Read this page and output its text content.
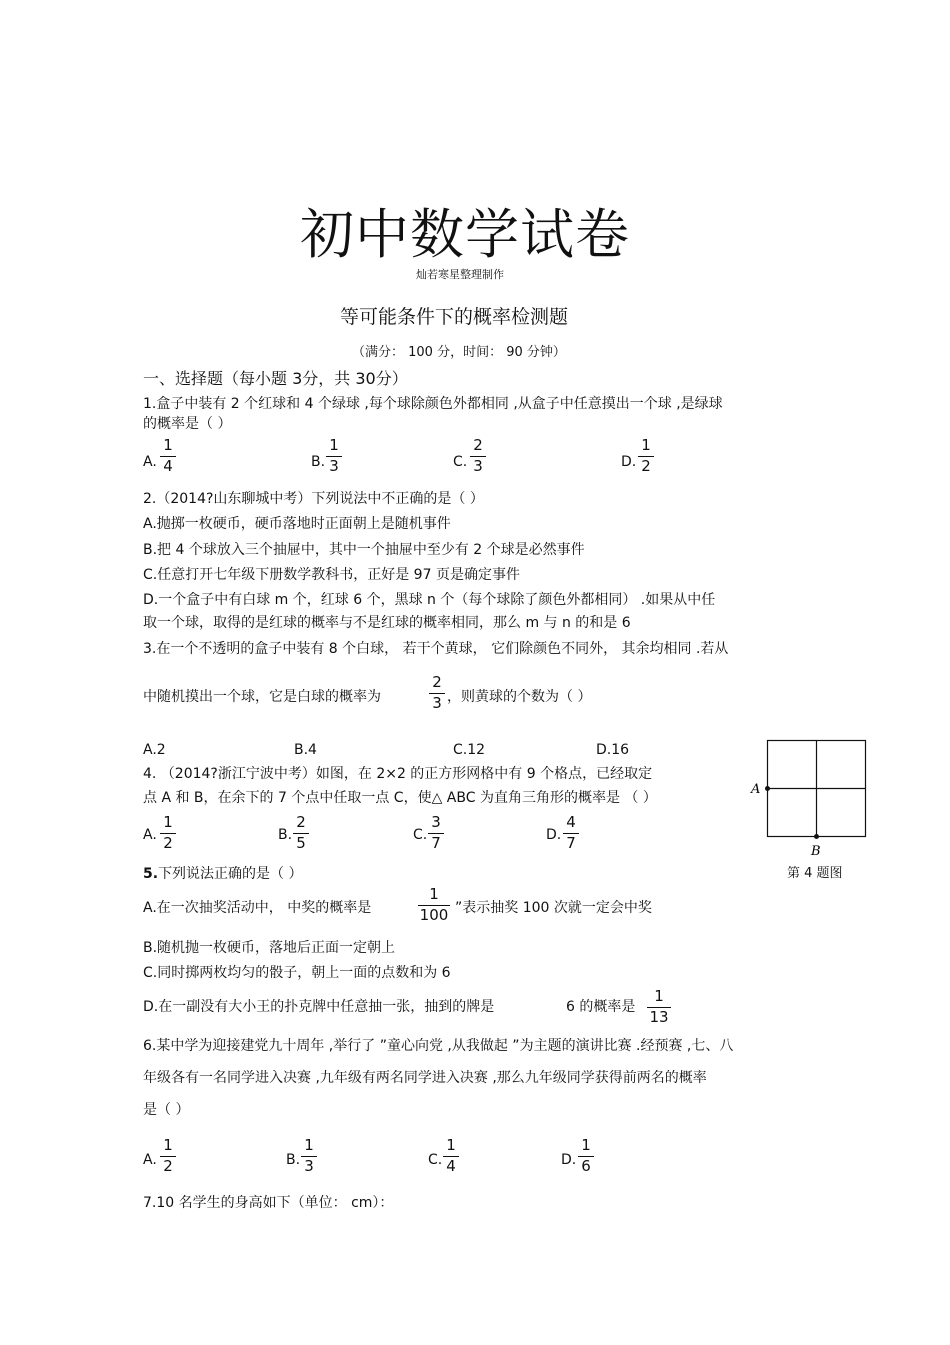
初中数学试卷
灿若寒星整理制作
等可能条件下的概率检测题
（满分： 100 分，时间： 90 分钟）
一、选择题（每小题 3分，共 30分）
1.盒子中装有 2 个红球和 4 个绿球 ,每个球除颜色外都相同 ,从盒子中任意摸出一个球 ,是绿球
的概率是（ ）
A.
1
4	B.
1
3	C.
2
3	D.
1
2
2.（2014?山东聊城中考）下列说法中不正确的是（ ）
A.抛掷一枚硬币，硬币落地时正面朝上是随机事件
B.把 4 个球放入三个抽屉中，其中一个抽屉中至少有 2 个球是必然事件
C.任意打开七年级下册数学教科书，正好是 97 页是确定事件
D.一个盒子中有白球 m 个，红球 6 个，黑球 n 个（每个球除了颜色外都相同） .如果从中任
取一个球，取得的是红球的概率与不是红球的概率相同，那么 m 与 n 的和是 6
3.在一个不透明的盒子中装有 8 个白球， 若干个黄球， 它们除颜色不同外， 其余均相同 .若从
中随机摸出一个球，它是白球的概率为
2
3 ，则黄球的个数为（ ）
A.2	B.4	C.12	D.16
4. （2014?浙江宁波中考）如图，在 2×2 的正方形网格中有 9 个格点，已经取定
点 A 和 B，在余下的 7 个点中任取一点 C，使△ ABC 为直角三角形的概率是 （ ）
A.
1
2	B.
2
5	C.
3
7	D.
4
7
A
B
第 4 题图
5.下列说法正确的是（ ）
A.在一次抽奖活动中， 中奖的概率是
1
100 ”表示抽奖 100 次就一定会中奖
B.随机抛一枚硬币，落地后正面一定朝上
C.同时掷两枚均匀的骰子，朝上一面的点数和为 6
D.在一副没有大小王的扑克牌中任意抽一张，抽到的牌是	6 的概率是
1
13
6.某中学为迎接建党九十周年 ,举行了 ”童心向党 ,从我做起 ”为主题的演讲比赛 .经预赛 ,七、八
年级各有一名同学进入决赛 ,九年级有两名同学进入决赛 ,那么九年级同学获得前两名的概率
是（ ）
A.
1
2	B.
1
3	C.
1
4	D.
1
6
7.10 名学生的身高如下（单位： cm）：
